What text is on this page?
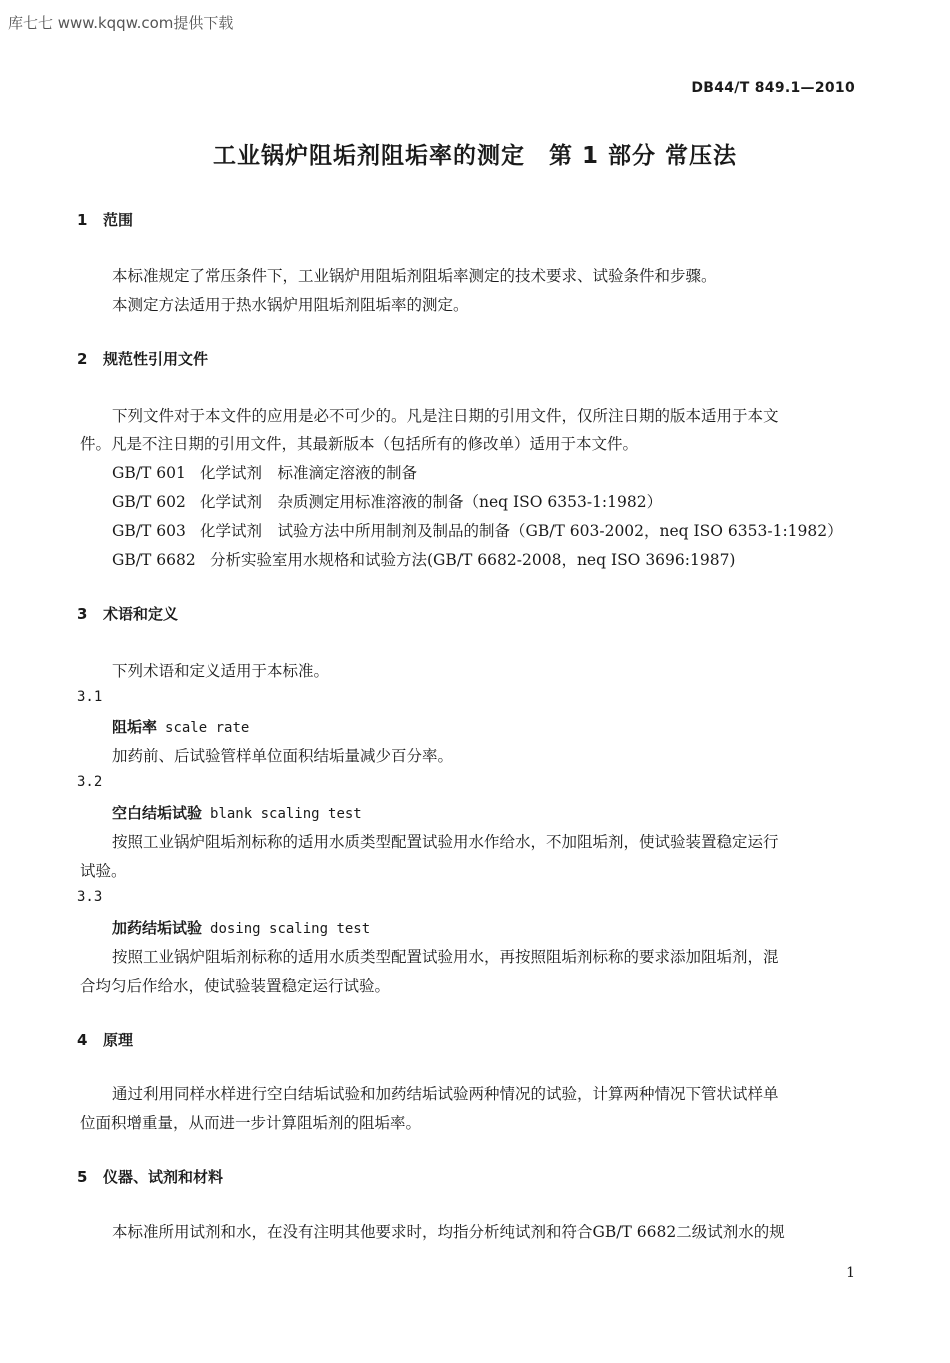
库七七 www.kqqw.com提供下载
DB44/T 849.1—2010
工业锅炉阻垢剂阻垢率的测定　第 1 部分 常压法
1 范围
本标准规定了常压条件下，工业锅炉用阻垢剂阻垢率测定的技术要求、试验条件和步骤。
本测定方法适用于热水锅炉用阻垢剂阻垢率的测定。
2 规范性引用文件
下列文件对于本文件的应用是必不可少的。凡是注日期的引用文件，仅所注日期的版本适用于本文
件。凡是不注日期的引用文件，其最新版本（包括所有的修改单）适用于本文件。
GB/T 601 化学试剂　标准滴定溶液的制备
GB/T 602 化学试剂　杂质测定用标准溶液的制备（neq ISO 6353-1:1982）
GB/T 603 化学试剂　试验方法中所用制剂及制品的制备（GB/T 603-2002，neq ISO 6353-1:1982）
GB/T 6682 分析实验室用水规格和试验方法(GB/T 6682-2008，neq ISO 3696:1987)
3 术语和定义
下列术语和定义适用于本标准。
3.1
阻垢率 scale rate
加药前、后试验管样单位面积结垢量减少百分率。
3.2
空白结垢试验 blank scaling test
按照工业锅炉阻垢剂标称的适用水质类型配置试验用水作给水，不加阻垢剂，使试验装置稳定运行
试验。
3.3
加药结垢试验 dosing scaling test
按照工业锅炉阻垢剂标称的适用水质类型配置试验用水，再按照阻垢剂标称的要求添加阻垢剂，混
合均匀后作给水，使试验装置稳定运行试验。
4 原理
通过利用同样水样进行空白结垢试验和加药结垢试验两种情况的试验，计算两种情况下管状试样单
位面积增重量，从而进一步计算阻垢剂的阻垢率。
5 仪器、试剂和材料
本标准所用试剂和水，在没有注明其他要求时，均指分析纯试剂和符合GB/T 6682二级试剂水的规
1
